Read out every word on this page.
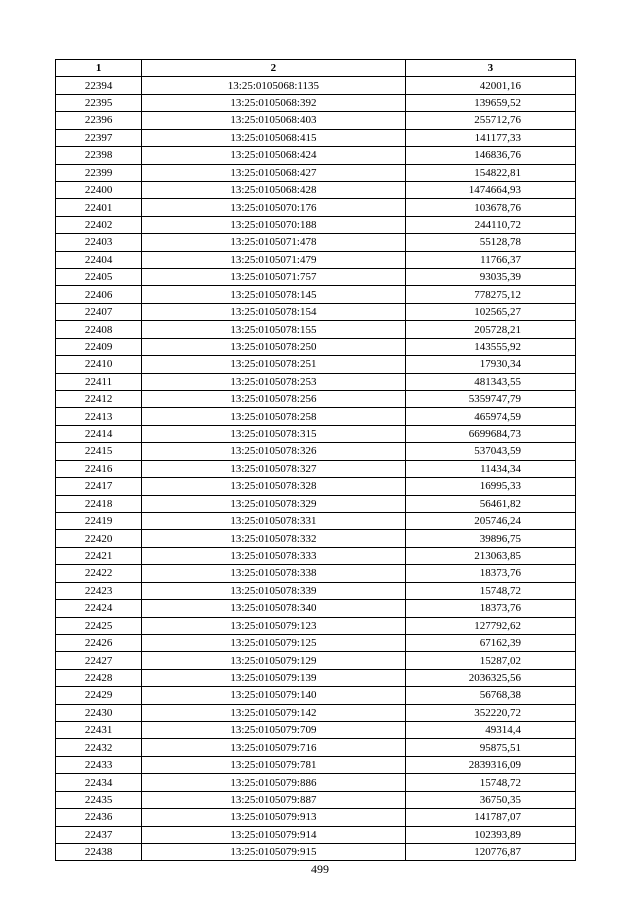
1	2	3
22394	13:25:0105068:1135	42001,16
22395	13:25:0105068:392	139659,52
22396	13:25:0105068:403	255712,76
22397	13:25:0105068:415	141177,33
22398	13:25:0105068:424	146836,76
22399	13:25:0105068:427	154822,81
22400	13:25:0105068:428	1474664,93
22401	13:25:0105070:176	103678,76
22402	13:25:0105070:188	244110,72
22403	13:25:0105071:478	55128,78
22404	13:25:0105071:479	11766,37
22405	13:25:0105071:757	93035,39
22406	13:25:0105078:145	778275,12
22407	13:25:0105078:154	102565,27
22408	13:25:0105078:155	205728,21
22409	13:25:0105078:250	143555,92
22410	13:25:0105078:251	17930,34
22411	13:25:0105078:253	481343,55
22412	13:25:0105078:256	5359747,79
22413	13:25:0105078:258	465974,59
22414	13:25:0105078:315	6699684,73
22415	13:25:0105078:326	537043,59
22416	13:25:0105078:327	11434,34
22417	13:25:0105078:328	16995,33
22418	13:25:0105078:329	56461,82
22419	13:25:0105078:331	205746,24
22420	13:25:0105078:332	39896,75
22421	13:25:0105078:333	213063,85
22422	13:25:0105078:338	18373,76
22423	13:25:0105078:339	15748,72
22424	13:25:0105078:340	18373,76
22425	13:25:0105079:123	127792,62
22426	13:25:0105079:125	67162,39
22427	13:25:0105079:129	15287,02
22428	13:25:0105079:139	2036325,56
22429	13:25:0105079:140	56768,38
22430	13:25:0105079:142	352220,72
22431	13:25:0105079:709	49314,4
22432	13:25:0105079:716	95875,51
22433	13:25:0105079:781	2839316,09
22434	13:25:0105079:886	15748,72
22435	13:25:0105079:887	36750,35
22436	13:25:0105079:913	141787,07
22437	13:25:0105079:914	102393,89
22438	13:25:0105079:915	120776,87
499
